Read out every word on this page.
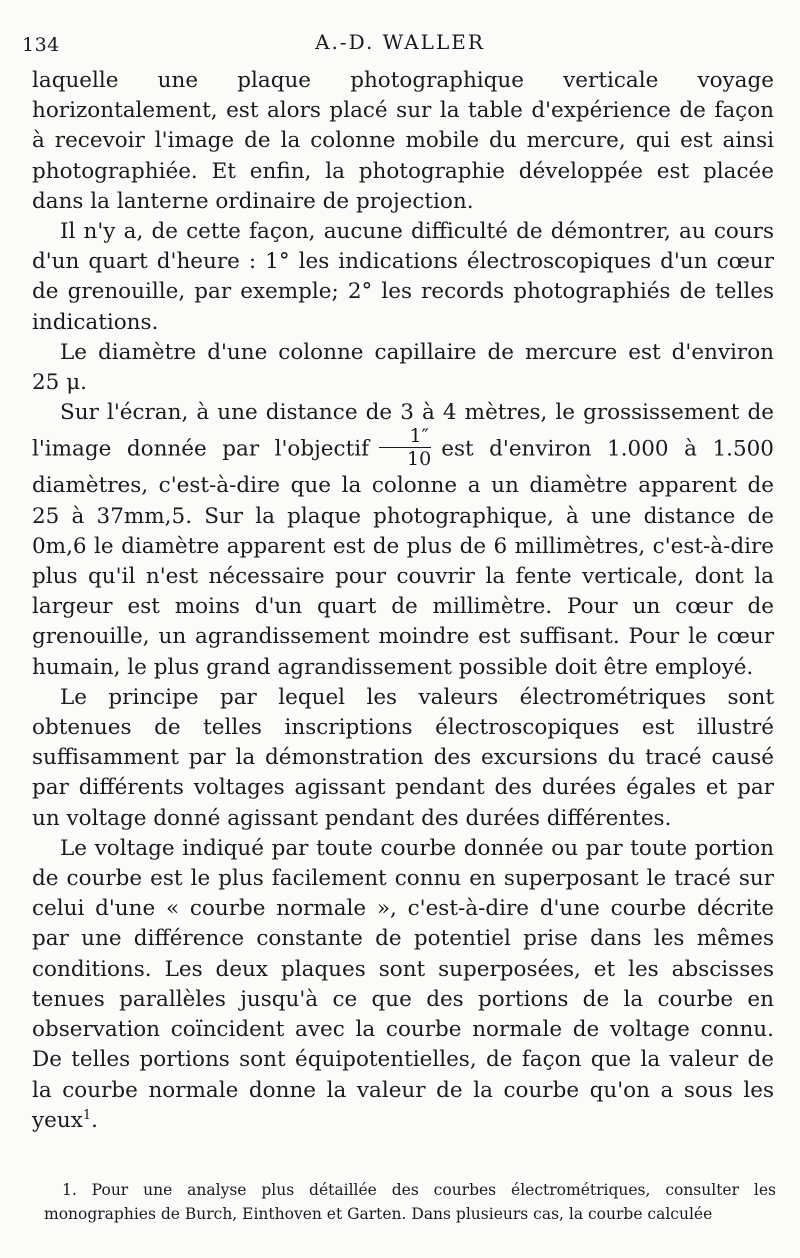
134	A.-D. WALLER

laquelle une plaque photographique verticale voyage horizontalement, est alors placé sur la table d'expérience de façon à recevoir l'image de la colonne mobile du mercure, qui est ainsi photographiée. Et enfin, la photographie développée est placée dans la lanterne ordinaire de projection.

Il n'y a, de cette façon, aucune difficulté de démontrer, au cours d'un quart d'heure : 1° les indications électroscopiques d'un cœur de grenouille, par exemple; 2° les records photographiés de telles indications.

Le diamètre d'une colonne capillaire de mercure est d'environ 25 μ.

Sur l'écran, à une distance de 3 à 4 mètres, le grossissement de l'image donnée par l'objectif $\frac{1''}{10}$ est d'environ 1.000 à 1.500 diamètres, c'est-à-dire que la colonne a un diamètre apparent de 25 à 37mm,5. Sur la plaque photographique, à une distance de 0m,6 le diamètre apparent est de plus de 6 millimètres, c'est-à-dire plus qu'il n'est nécessaire pour couvrir la fente verticale, dont la largeur est moins d'un quart de millimètre. Pour un cœur de grenouille, un agrandissement moindre est suffisant. Pour le cœur humain, le plus grand agrandissement possible doit être employé.

Le principe par lequel les valeurs électrométriques sont obtenues de telles inscriptions électroscopiques est illustré suffisamment par la démonstration des excursions du tracé causé par différents voltages agissant pendant des durées égales et par un voltage donné agissant pendant des durées différentes.

Le voltage indiqué par toute courbe donnée ou par toute portion de courbe est le plus facilement connu en superposant le tracé sur celui d'une « courbe normale », c'est-à-dire d'une courbe décrite par une différence constante de potentiel prise dans les mêmes conditions. Les deux plaques sont superposées, et les abscisses tenues parallèles jusqu'à ce que des portions de la courbe en observation coïncident avec la courbe normale de voltage connu. De telles portions sont équipotentielles, de façon que la valeur de la courbe normale donne la valeur de la courbe qu'on a sous les yeux$^1$.

1. Pour une analyse plus détaillée des courbes électrométriques, consulter les monographies de Burch, Einthoven et Garten. Dans plusieurs cas, la courbe calculée
